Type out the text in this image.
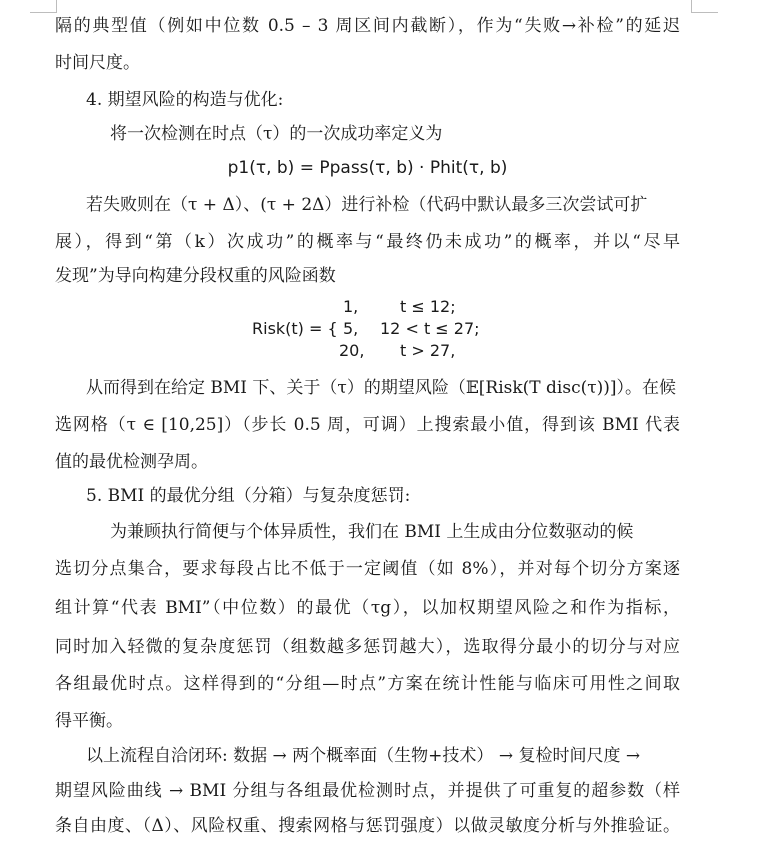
隔的典型值（例如中位数 0.5 – 3 周区间内截断），作为“失败→补检”的延迟
时间尺度。
4. 期望风险的构造与优化:
将一次检测在时点（τ）的一次成功率定义为
p1(τ, b) = Ppass(τ, b) · Phit(τ, b)
若失败则在（τ + Δ）、(τ + 2Δ）进行补检（代码中默认最多三次尝试可扩
展），得到“第（k）次成功”的概率与“最终仍未成功”的概率，并以“尽早
发现”为导向构建分段权重的风险函数
Risk(t) = {
1,	t ≤ 12;
5, 12 < t ≤ 27;
20, t > 27,
从而得到在给定 BMI 下、关于（τ）的期望风险（𝔼[Risk(T disc(τ))]）。在候
选网格（τ ∈ [10,25]）（步长 0.5 周，可调）上搜索最小值，得到该 BMI 代表
值的最优检测孕周。
5. BMI 的最优分组（分箱）与复杂度惩罚:
为兼顾执行简便与个体异质性，我们在 BMI 上生成由分位数驱动的候
选切分点集合，要求每段占比不低于一定阈值（如 8%），并对每个切分方案逐
组计算“代表 BMI”（中位数）的最优（τg），以加权期望风险之和作为指标，
同时加入轻微的复杂度惩罚（组数越多惩罚越大），选取得分最小的切分与对应
各组最优时点。这样得到的“分组—时点”方案在统计性能与临床可用性之间取
得平衡。
以上流程自洽闭环: 数据 → 两个概率面（生物+技术） → 复检时间尺度 →
期望风险曲线 → BMI 分组与各组最优检测时点，并提供了可重复的超参数（样
条自由度、（Δ）、风险权重、搜索网格与惩罚强度）以做灵敏度分析与外推验证。
